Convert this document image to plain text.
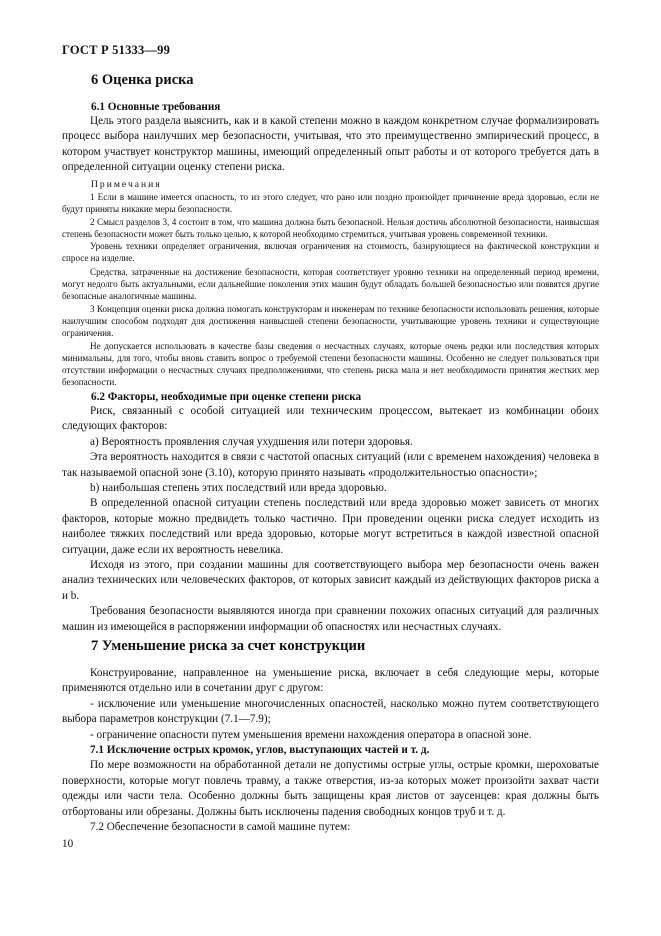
ГОСТ Р 51333—99
6 Оценка риска
6.1 Основные требования
Цель этого раздела выяснить, как и в какой степени можно в каждом конкретном случае формализировать процесс выбора наилучших мер безопасности, учитывая, что это преимущественно эмпирический процесс, в котором участвует конструктор машины, имеющий определенный опыт работы и от которого требуется дать в определенной ситуации оценку степени риска.
Примечания
1 Если в машине имеется опасность, то из этого следует, что рано или поздно произойдет причинение вреда здоровью, если не будут приняты никакие меры безопасности.
2 Смысл разделов 3, 4 состоит в том, что машина должна быть безопасной. Нельзя достичь абсолютной безопасности, наивысшая степень безопасности может быть только целью, к которой необходимо стремиться, учитывая уровень современной техники.
Уровень техники определяет ограничения, включая ограничения на стоимость, базирующиеся на фактической конструкции и спросе на изделие.
Средства, затраченные на достижение безопасности, которая соответствует уровню техники на определенный период времени, могут недолго быть актуальными, если дальнейшие поколения этих машин будут обладать большей безопасностью или появятся другие безопасные аналогичные машины.
3 Концепция оценки риска должна помогать конструкторам и инженерам по технике безопасности использовать решения, которые наилучшим способом подходят для достижения наивысшей степени безопасности, учитывающие уровень техники и существующие ограничения.
Не допускается использовать в качестве базы сведения о несчастных случаях, которые очень редки или последствия которых минимальны, для того, чтобы вновь ставить вопрос о требуемой степени безопасности машины. Особенно не следует пользоваться при отсутствии информации о несчастных случаях предположениями, что степень риска мала и нет необходимости принятия жестких мер безопасности.
6.2 Факторы, необходимые при оценке степени риска
Риск, связанный с особой ситуацией или техническим процессом, вытекает из комбинации обоих следующих факторов:
a) Вероятность проявления случая ухудшения или потери здоровья.
Эта вероятность находится в связи с частотой опасных ситуаций (или с временем нахождения) человека в так называемой опасной зоне (3.10), которую принято называть «продолжительностью опасности»;
b) наибольшая степень этих последствий или вреда здоровью.
В определенной опасной ситуации степень последствий или вреда здоровью может зависеть от многих факторов, которые можно предвидеть только частично. При проведении оценки риска следует исходить из наиболее тяжких последствий или вреда здоровью, которые могут встретиться в каждой известной опасной ситуации, даже если их вероятность невелика.
Исходя из этого, при создании машины для соответствующего выбора мер безопасности очень важен анализ технических или человеческих факторов, от которых зависит каждый из действующих факторов риска a и b.
Требования безопасности выявляются иногда при сравнении похожих опасных ситуаций для различных машин из имеющейся в распоряжении информации об опасностях или несчастных случаях.
7 Уменьшение риска за счет конструкции
Конструирование, направленное на уменьшение риска, включает в себя следующие меры, которые применяются отдельно или в сочетании друг с другом:
- исключение или уменьшение многочисленных опасностей, насколько можно путем соответствующего выбора параметров конструкции (7.1—7.9);
- ограничение опасности путем уменьшения времени нахождения оператора в опасной зоне.
7.1 Исключение острых кромок, углов, выступающих частей и т. д.
По мере возможности на обработанной детали не допустимы острые углы, острые кромки, шероховатые поверхности, которые могут повлечь травму, а также отверстия, из-за которых может произойти захват части одежды или части тела. Особенно должны быть защищены края листов от заусенцев: края должны быть отбортованы или обрезаны. Должны быть исключены падения свободных концов труб и т. д.
7.2 Обеспечение безопасности в самой машине путем:
10
